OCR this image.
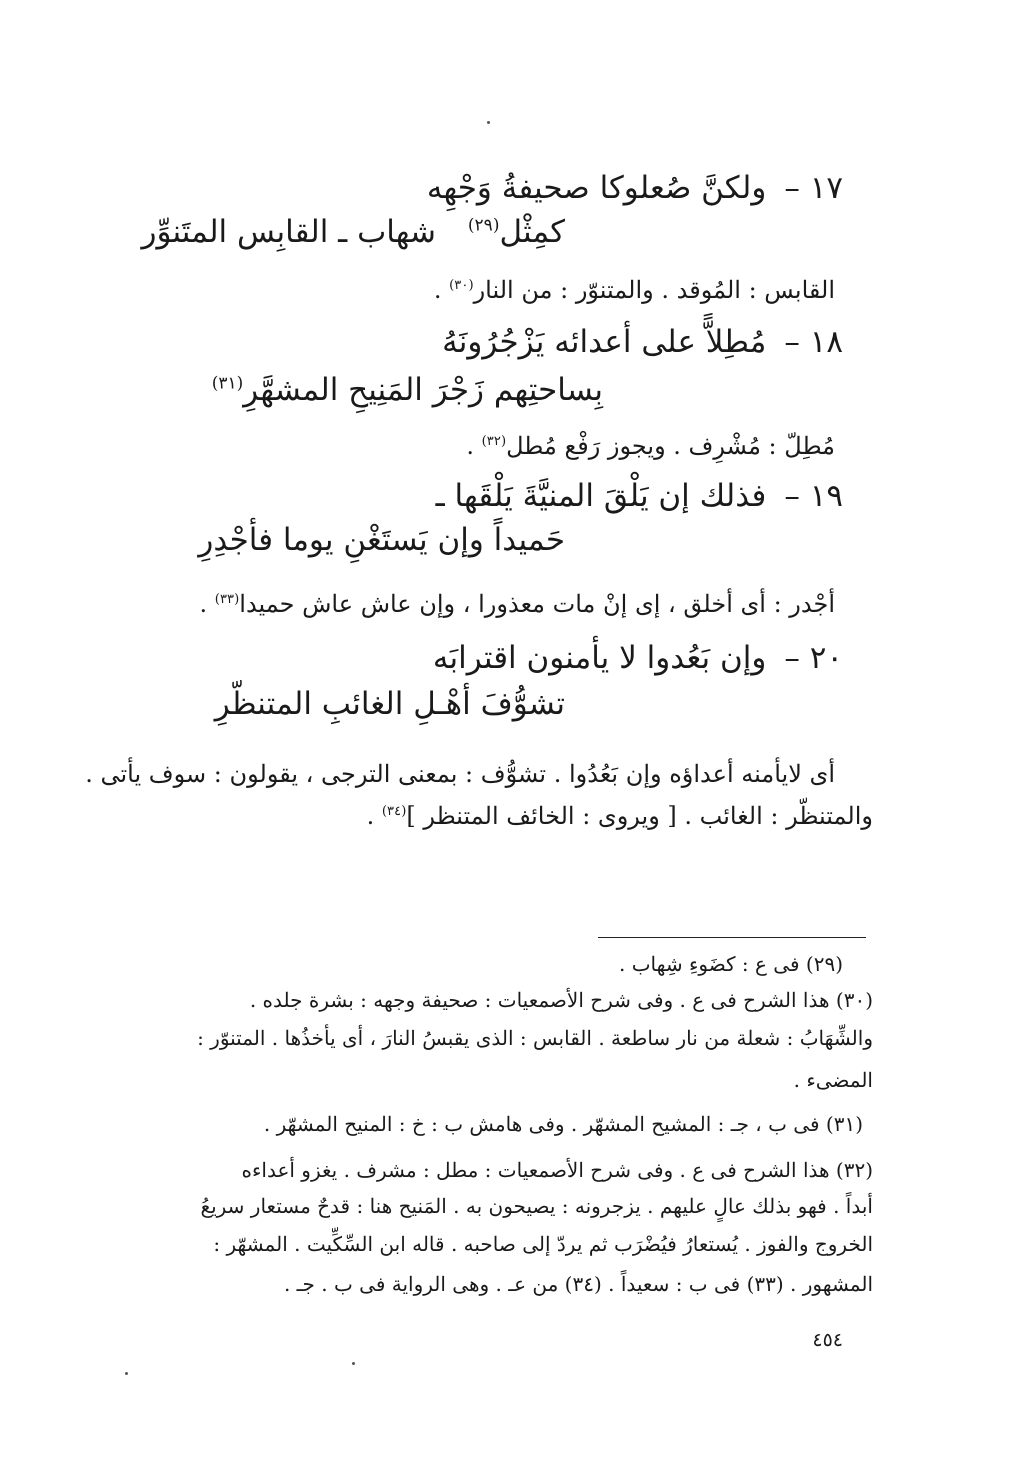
١٧ –ولكنَّ صُعلوكا صحيفةُ وَجْهِه
كمِثْل$^{(٢٩)}$ شهاب ـ القابِس المتَنوِّر
القابس : المُوقد . والمتنوّر : من النار$^{(٣٠)}$ .
١٨ –مُطِلاًّ على أعدائه يَزْجُرُونَهُ
بِساحتِهم زَجْرَ المَنِيحِ المشهَّرِ$^{(٣١)}$
مُطِلّ : مُشْرِف . ويجوز رَفْع مُطل$^{(٣٢)}$ .
١٩ –فذلك إن يَلْقَ المنيَّةَ يَلْقَها ـ
حَميداً وإن يَستَغْنِ يوما فأجْدِرِ
أجْدر : أى أخلق ، إى إنْ مات معذورا ، وإن عاش عاش حميدا$^{(٣٣)}$ .
٢٠ –وإن بَعُدوا لا يأمنون اقترابَه
تشوُّفَ أهْـلِ الغائبِ المتنظّرِ
أى لايأمنه أعداؤه وإن بَعُدُوا . تشوُّف : بمعنى الترجى ، يقولون : سوف يأتى .
والمتنظّر : الغائب . [ ويروى : الخائف المتنظر ]$^{(٣٤)}$ .
(٢٩) فى ع : كضَوءِ شِهاب .
(٣٠) هذا الشرح فى ع . وفى شرح الأصمعيات : صحيفة وجهه : بشرة جلده .
والشِّهَابُ : شعلة من نار ساطعة . القابس : الذى يقبسُ النارَ ، أى يأخذُها . المتنوّر :
المضىء .
(٣١) فى ب ، جـ : المشيح المشهّر . وفى هامش ب : خ : المنيح المشهّر .
(٣٢) هذا الشرح فى ع . وفى شرح الأصمعيات : مطل : مشرف . يغزو أعداءه
أبداً . فهو بذلك عالٍ عليهم . يزجرونه : يصيحون به . المَنيح هنا : قدحٌ مستعار سريعُ
الخروج والفوز . يُستعارُ فيُضْرَب ثم يردّ إلى صاحبه . قاله ابن السِّكِّيت . المشهّر :
المشهور . (٣٣) فى ب : سعيداً . (٣٤) من عـ . وهى الرواية فى ب . جـ .
٤٥٤
